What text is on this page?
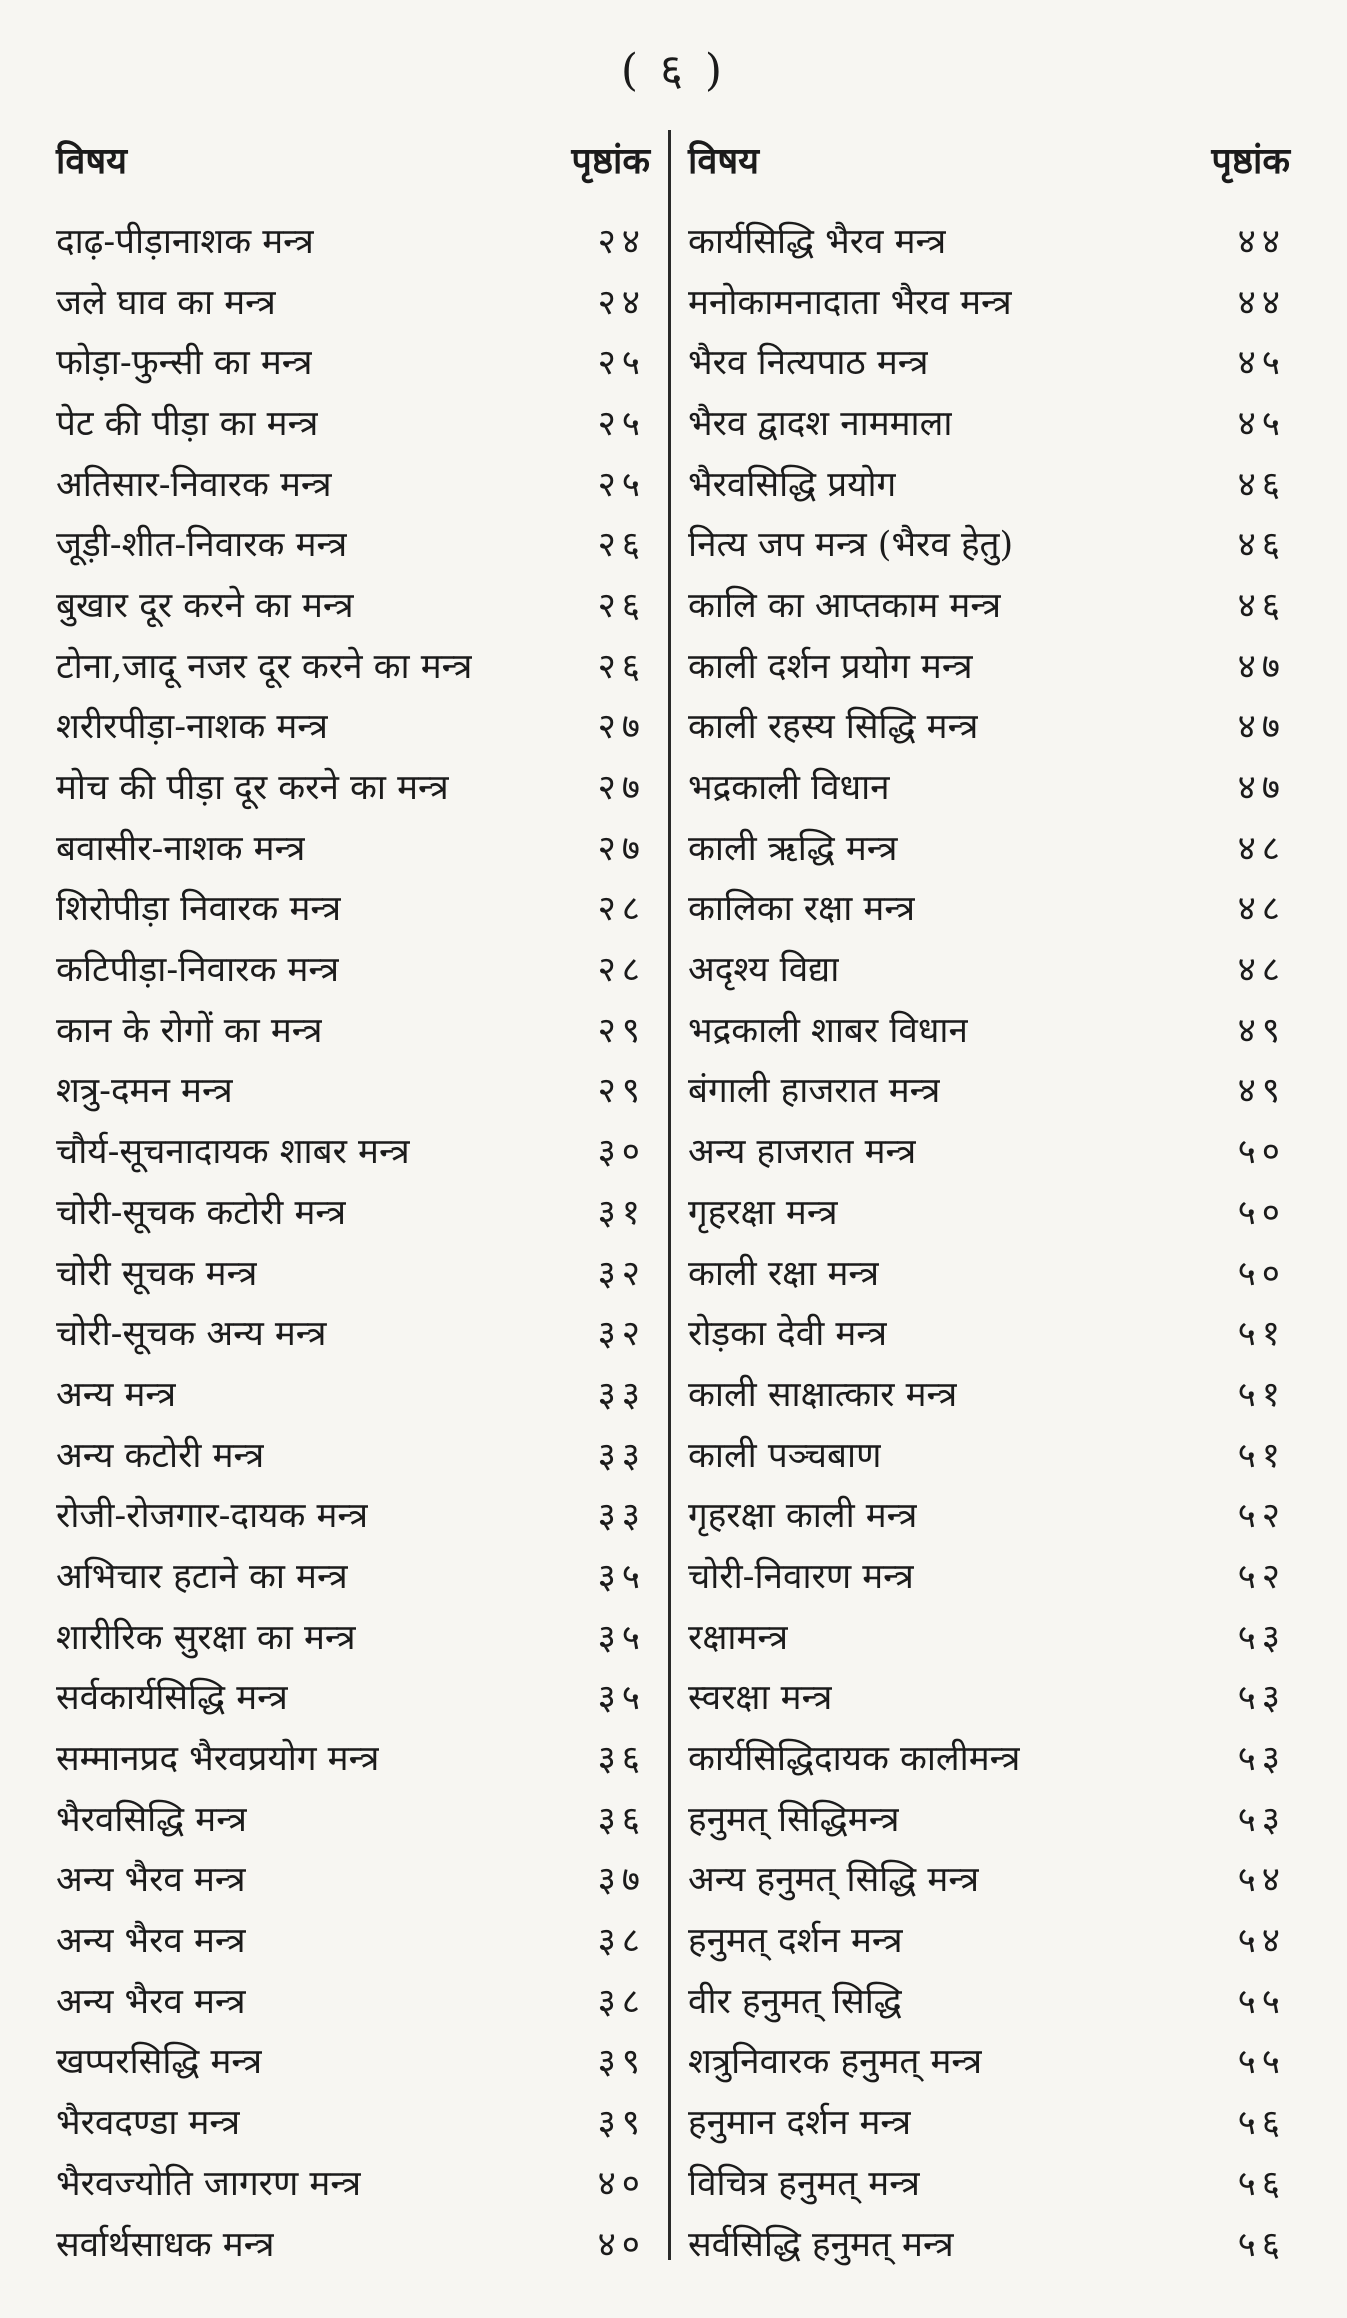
( ६ )
विषय	पृष्ठांक
दाढ़-पीड़ानाशक मन्त्र	२४
जले घाव का मन्त्र	२४
फोड़ा-फुन्सी का मन्त्र	२५
पेट की पीड़ा का मन्त्र	२५
अतिसार-निवारक मन्त्र	२५
जूड़ी-शीत-निवारक मन्त्र	२६
बुखार दूर करने का मन्त्र	२६
टोना,जादू नजर दूर करने का मन्त्र	२६
शरीरपीड़ा-नाशक मन्त्र	२७
मोच की पीड़ा दूर करने का मन्त्र	२७
बवासीर-नाशक मन्त्र	२७
शिरोपीड़ा निवारक मन्त्र	२८
कटिपीड़ा-निवारक मन्त्र	२८
कान के रोगों का मन्त्र	२९
शत्रु-दमन मन्त्र	२९
चौर्य-सूचनादायक शाबर मन्त्र	३०
चोरी-सूचक कटोरी मन्त्र	३१
चोरी सूचक मन्त्र	३२
चोरी-सूचक अन्य मन्त्र	३२
अन्य मन्त्र	३३
अन्य कटोरी मन्त्र	३३
रोजी-रोजगार-दायक मन्त्र	३३
अभिचार हटाने का मन्त्र	३५
शारीरिक सुरक्षा का मन्त्र	३५
सर्वकार्यसिद्धि मन्त्र	३५
सम्मानप्रद भैरवप्रयोग मन्त्र	३६
भैरवसिद्धि मन्त्र	३६
अन्य भैरव मन्त्र	३७
अन्य भैरव मन्त्र	३८
अन्य भैरव मन्त्र	३८
खप्परसिद्धि मन्त्र	३९
भैरवदण्डा मन्त्र	३९
भैरवज्योति जागरण मन्त्र	४०
सर्वार्थसाधक मन्त्र	४०
विषय	पृष्ठांक
कार्यसिद्धि भैरव मन्त्र	४४
मनोकामनादाता भैरव मन्त्र	४४
भैरव नित्यपाठ मन्त्र	४५
भैरव द्वादश नाममाला	४५
भैरवसिद्धि प्रयोग	४६
नित्य जप मन्त्र (भैरव हेतु)	४६
कालि का आप्तकाम मन्त्र	४६
काली दर्शन प्रयोग मन्त्र	४७
काली रहस्य सिद्धि मन्त्र	४७
भद्रकाली विधान	४७
काली ऋद्धि मन्त्र	४८
कालिका रक्षा मन्त्र	४८
अदृश्य विद्या	४८
भद्रकाली शाबर विधान	४९
बंगाली हाजरात मन्त्र	४९
अन्य हाजरात मन्त्र	५०
गृहरक्षा मन्त्र	५०
काली रक्षा मन्त्र	५०
रोड़का देवी मन्त्र	५१
काली साक्षात्कार मन्त्र	५१
काली पञ्चबाण	५१
गृहरक्षा काली मन्त्र	५२
चोरी-निवारण मन्त्र	५२
रक्षामन्त्र	५३
स्वरक्षा मन्त्र	५३
कार्यसिद्धिदायक कालीमन्त्र	५३
हनुमत् सिद्धिमन्त्र	५३
अन्य हनुमत् सिद्धि मन्त्र	५४
हनुमत् दर्शन मन्त्र	५४
वीर हनुमत् सिद्धि	५५
शत्रुनिवारक हनुमत् मन्त्र	५५
हनुमान दर्शन मन्त्र	५६
विचित्र हनुमत् मन्त्र	५६
सर्वसिद्धि हनुमत् मन्त्र	५६
